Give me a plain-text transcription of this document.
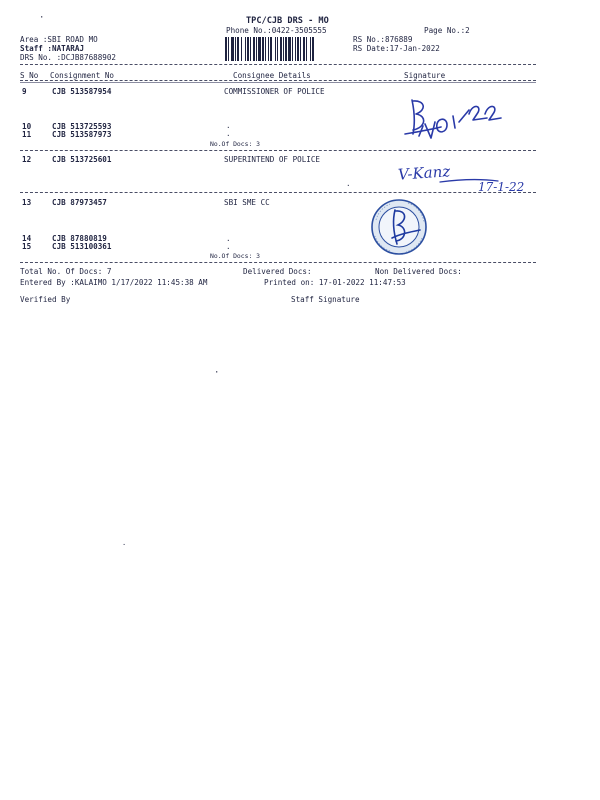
·	TPC/CJB DRS - MO
Phone No.:0422-3505555	Page No.:2
Area :SBI ROAD MO
Staff :NATARAJ
DRS No. :DCJB87688902
RS No.:876889
RS Date:17-Jan-2022
S No Consignment No	Consignee Details	Signature
9	CJB 513587954	COMMISSIONER OF POLICE
10	CJB 513725593
11	CJB 513587973
.
.
No.Of Docs: 3
12	CJB 513725601	SUPERINTEND OF POLICE
·
13	CJB 87973457	SBI SME CC
14	CJB 87880819
15	CJB 513100361
.
.
No.Of Docs: 3
Total No. Of Docs: 7	Delivered Docs:	Non Delivered Docs:
Entered By :KALAIMO 1/17/2022 11:45:38 AM	Printed on: 17-01-2022 11:47:53
Verified By	Staff Signature
·
·
V-Kanz
17-1-22
